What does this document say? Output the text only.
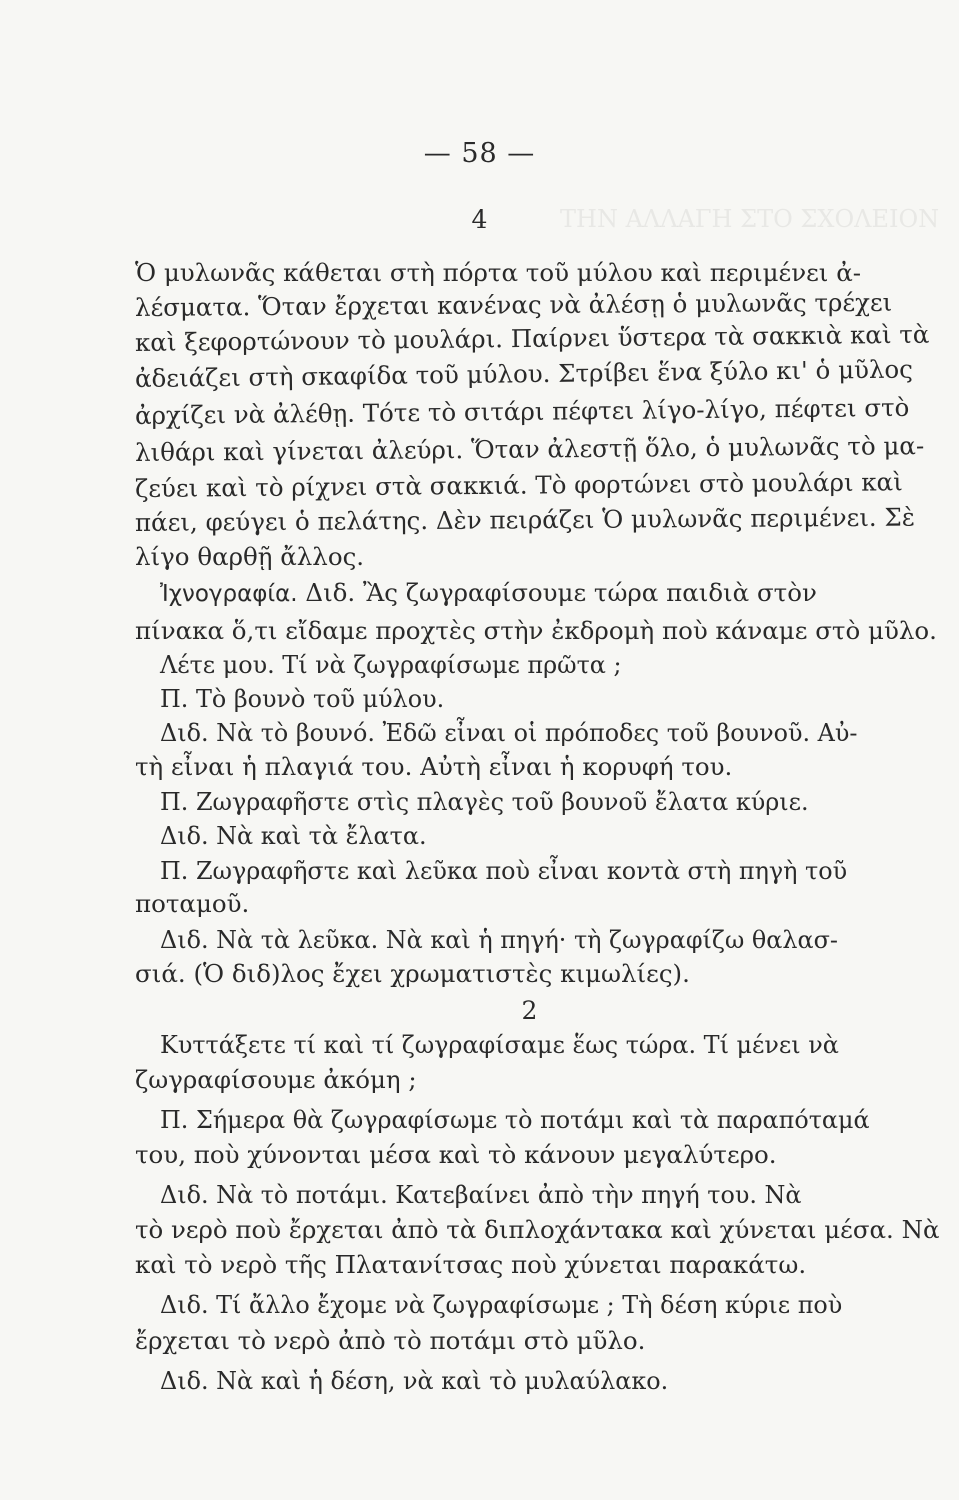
ΤΗΝ ΑΛΛΑΓΗ ΣΤΟ ΣΧΟΛΕΙΟΝ
— 58 —
4
Ὁ μυλωνᾶς κάθεται στὴ πόρτα τοῦ μύλου καὶ περιμένει ἀ-
λέσματα. Ὅταν ἔρχεται κανένας νὰ ἀλέσῃ ὁ μυλωνᾶς τρέχει
καὶ ξεφορτώνουν τὸ μουλάρι. Παίρνει ὕστερα τὰ σακκιὰ καὶ τὰ
ἀδειάζει στὴ σκαφίδα τοῦ μύλου. Στρίβει ἕνα ξύλο κι' ὁ μῦλος
ἀρχίζει νὰ ἀλέθῃ. Τότε τὸ σιτάρι πέφτει λίγο-λίγο, πέφτει στὸ
λιθάρι καὶ γίνεται ἀλεύρι. Ὅταν ἀλεστῇ ὅλο, ὁ μυλωνᾶς τὸ μα-
ζεύει καὶ τὸ ρίχνει στὰ σακκιά. Τὸ φορτώνει στὸ μουλάρι καὶ
πάει, φεύγει ὁ πελάτης. Δὲν πειράζει Ὁ μυλωνᾶς περιμένει. Σὲ
λίγο θαρθῇ ἄλλος.
Ἰχνογραφία. Διδ. Ἂς ζωγραφίσουμε τώρα παιδιὰ στὸν
πίνακα ὅ,τι εἴδαμε προχτὲς στὴν ἐκδρομὴ ποὺ κάναμε στὸ μῦλο.
Λέτε μου. Τί νὰ ζωγραφίσωμε πρῶτα ;
Π. Τὸ βουνὸ τοῦ μύλου.
Διδ. Νὰ τὸ βουνό. Ἐδῶ εἶναι οἱ πρόποδες τοῦ βουνοῦ. Αὐ-
τὴ εἶναι ἡ πλαγιά του. Αὐτὴ εἶναι ἡ κορυφή του.
Π. Ζωγραφῆστε στὶς πλαγὲς τοῦ βουνοῦ ἔλατα κύριε.
Διδ. Νὰ καὶ τὰ ἔλατα.
Π. Ζωγραφῆστε καὶ λεῦκα ποὺ εἶναι κοντὰ στὴ πηγὴ τοῦ
ποταμοῦ.
Διδ. Νὰ τὰ λεῦκα. Νὰ καὶ ἡ πηγή· τὴ ζωγραφίζω θαλασ-
σιά. (Ὁ διδ)λος ἔχει χρωματιστὲς κιμωλίες).
2
Κυττάξετε τί καὶ τί ζωγραφίσαμε ἕως τώρα. Τί μένει νὰ
ζωγραφίσουμε ἀκόμη ;
Π. Σήμερα θὰ ζωγραφίσωμε τὸ ποτάμι καὶ τὰ παραπόταμά
του, ποὺ χύνονται μέσα καὶ τὸ κάνουν μεγαλύτερο.
Διδ. Νὰ τὸ ποτάμι. Κατεβαίνει ἀπὸ τὴν πηγή του. Νὰ
τὸ νερὸ ποὺ ἔρχεται ἀπὸ τὰ διπλοχάντακα καὶ χύνεται μέσα. Νὰ
καὶ τὸ νερὸ τῆς Πλατανίτσας ποὺ χύνεται παρακάτω.
Διδ. Τί ἄλλο ἔχομε νὰ ζωγραφίσωμε ; Τὴ δέση κύριε ποὺ
ἔρχεται τὸ νερὸ ἀπὸ τὸ ποτάμι στὸ μῦλο.
Διδ. Νὰ καὶ ἡ δέση, νὰ καὶ τὸ μυλαύλακο.
